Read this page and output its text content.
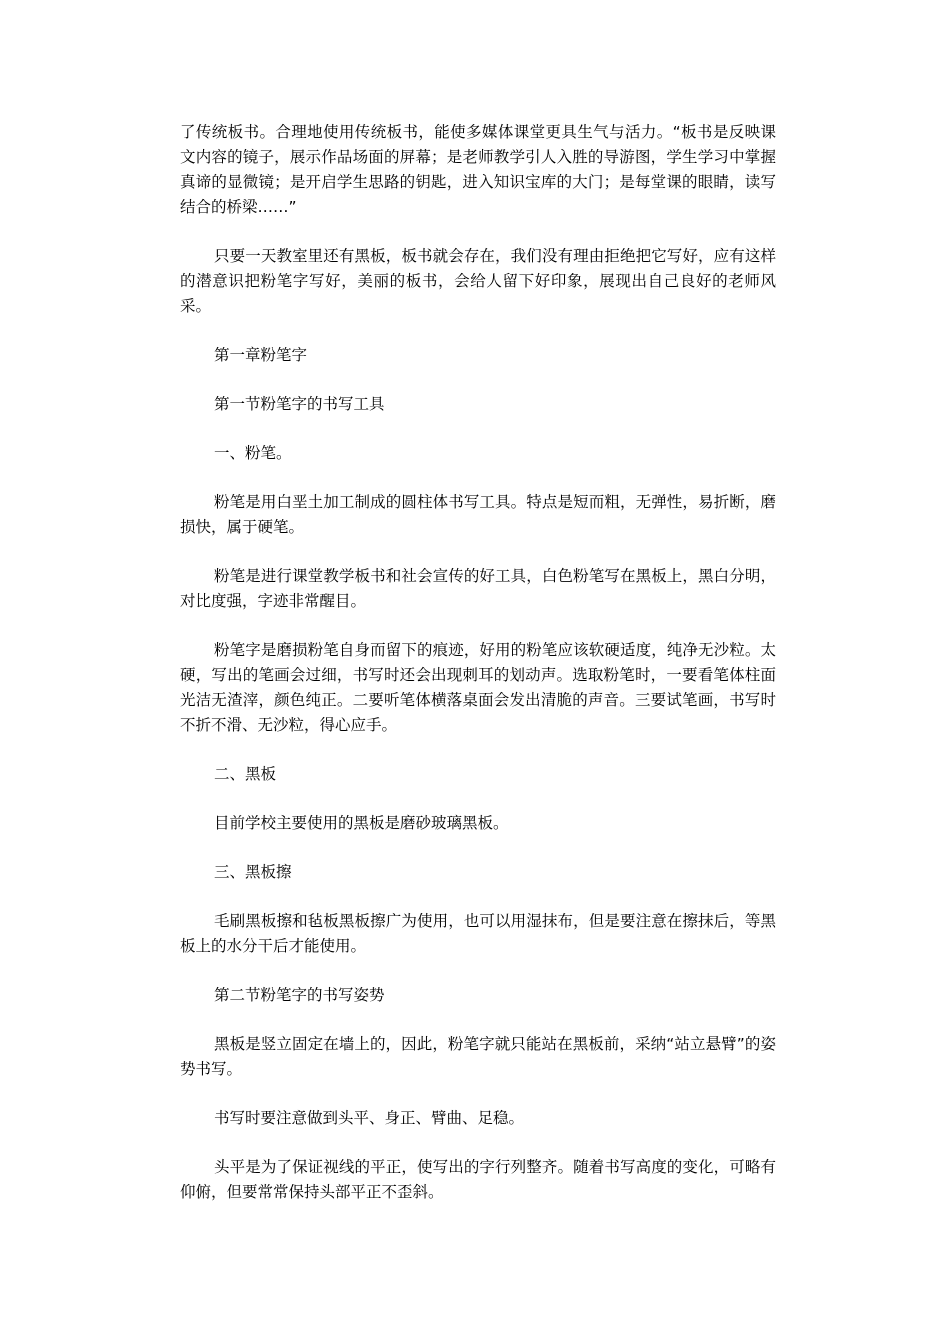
了传统板书。合理地使用传统板书，能使多媒体课堂更具生气与活力。“板书是反映课文内容的镜子，展示作品场面的屏幕；是老师教学引人入胜的导游图，学生学习中掌握真谛的显微镜；是开启学生思路的钥匙，进入知识宝库的大门；是每堂课的眼睛，读写结合的桥梁……”

只要一天教室里还有黑板，板书就会存在，我们没有理由拒绝把它写好，应有这样的潜意识把粉笔字写好，美丽的板书，会给人留下好印象，展现出自己良好的老师风采。

第一章粉笔字

第一节粉笔字的书写工具

一、粉笔。

粉笔是用白垩土加工制成的圆柱体书写工具。特点是短而粗，无弹性，易折断，磨损快，属于硬笔。

粉笔是进行课堂教学板书和社会宣传的好工具，白色粉笔写在黑板上，黑白分明，对比度强，字迹非常醒目。

粉笔字是磨损粉笔自身而留下的痕迹，好用的粉笔应该软硬适度，纯净无沙粒。太硬，写出的笔画会过细，书写时还会出现刺耳的划动声。选取粉笔时，一要看笔体柱面光洁无渣滓，颜色纯正。二要听笔体横落桌面会发出清脆的声音。三要试笔画，书写时不折不滑、无沙粒，得心应手。

二、黑板

目前学校主要使用的黑板是磨砂玻璃黑板。

三、黑板擦

毛刷黑板擦和毡板黑板擦广为使用，也可以用湿抹布，但是要注意在擦抹后，等黑板上的水分干后才能使用。

第二节粉笔字的书写姿势

黑板是竖立固定在墙上的，因此，粉笔字就只能站在黑板前，采纳“站立悬臂”的姿势书写。

书写时要注意做到头平、身正、臂曲、足稳。

头平是为了保证视线的平正，使写出的字行列整齐。随着书写高度的变化，可略有仰俯，但要常常保持头部平正不歪斜。
